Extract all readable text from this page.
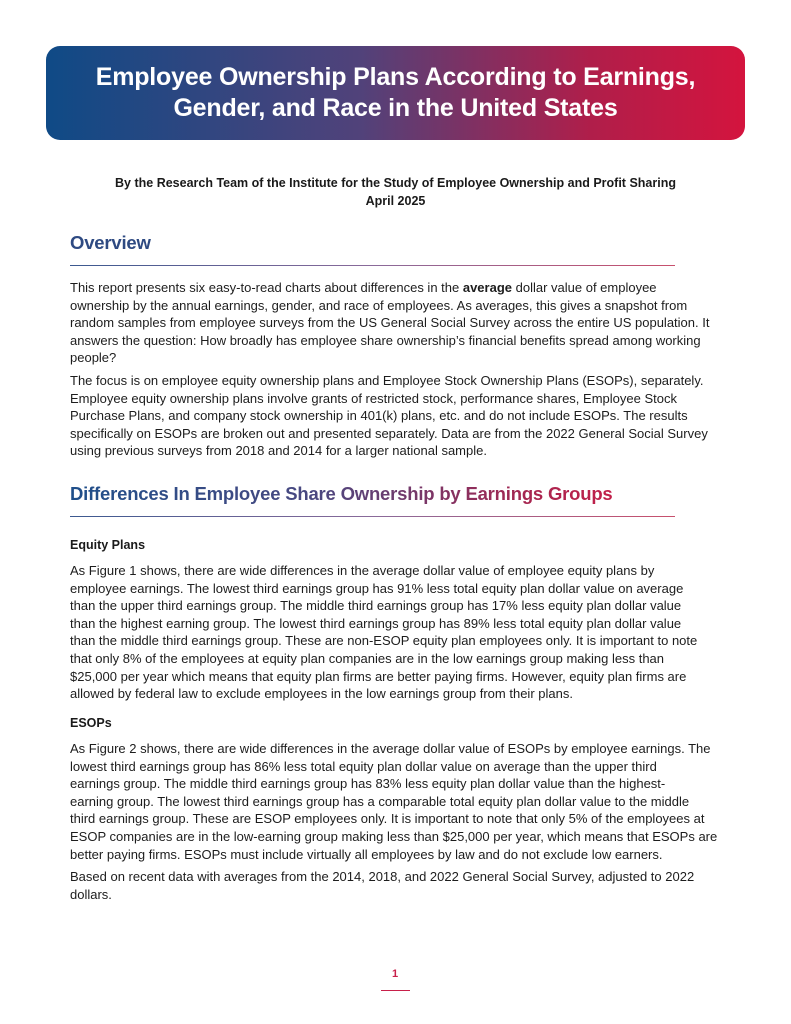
Employee Ownership Plans According to Earnings,
Gender, and Race in the United States
By the Research Team of the Institute for the Study of Employee Ownership and Profit Sharing
April 2025
Overview
This report presents six easy-to-read charts about differences in the average dollar value of employee
ownership by the annual earnings, gender, and race of employees. As averages, this gives a snapshot from
random samples from employee surveys from the US General Social Survey across the entire US population. It
answers the question: How broadly has employee share ownership’s financial benefits spread among working
people?
The focus is on employee equity ownership plans and Employee Stock Ownership Plans (ESOPs), separately.
Employee equity ownership plans involve grants of restricted stock, performance shares, Employee Stock
Purchase Plans, and company stock ownership in 401(k) plans, etc. and do not include ESOPs. The results
specifically on ESOPs are broken out and presented separately. Data are from the 2022 General Social Survey
using previous surveys from 2018 and 2014 for a larger national sample.
Differences In Employee Share Ownership by Earnings Groups
Equity Plans
As Figure 1 shows, there are wide differences in the average dollar value of employee equity plans by
employee earnings. The lowest third earnings group has 91% less total equity plan dollar value on average
than the upper third earnings group. The middle third earnings group has 17% less equity plan dollar value
than the highest earning group. The lowest third earnings group has 89% less total equity plan dollar value
than the middle third earnings group. These are non-ESOP equity plan employees only. It is important to note
that only 8% of the employees at equity plan companies are in the low earnings group making less than
$25,000 per year which means that equity plan firms are better paying firms. However, equity plan firms are
allowed by federal law to exclude employees in the low earnings group from their plans.
ESOPs
As Figure 2 shows, there are wide differences in the average dollar value of ESOPs by employee earnings. The
lowest third earnings group has 86% less total equity plan dollar value on average than the upper third
earnings group. The middle third earnings group has 83% less equity plan dollar value than the highest-
earning group. The lowest third earnings group has a comparable total equity plan dollar value to the middle
third earnings group. These are ESOP employees only. It is important to note that only 5% of the employees at
ESOP companies are in the low-earning group making less than $25,000 per year, which means that ESOPs are
better paying firms. ESOPs must include virtually all employees by law and do not exclude low earners.
Based on recent data with averages from the 2014, 2018, and 2022 General Social Survey, adjusted to 2022
dollars.
1
